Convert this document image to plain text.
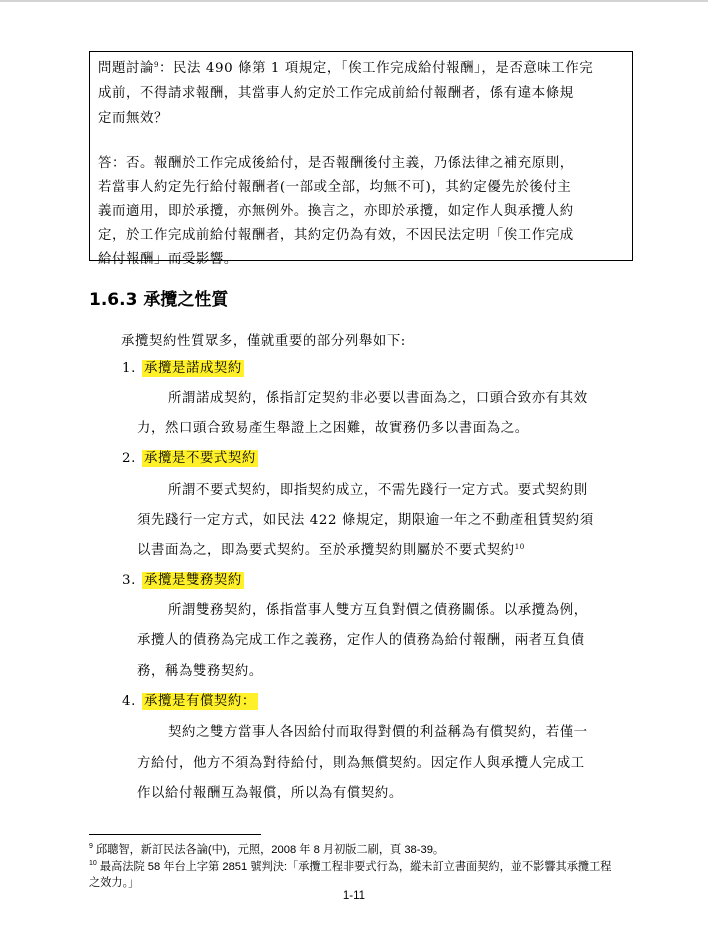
問題討論$^9$：民法 490 條第 1 項規定，「俟工作完成給付報酬」，是否意味工作完
成前，不得請求報酬，其當事人約定於工作完成前給付報酬者，係有違本條規
定而無效？
答：否。報酬於工作完成後給付，是否報酬後付主義，乃係法律之補充原則，
若當事人約定先行給付報酬者(一部或全部，均無不可)，其約定優先於後付主
義而適用，即於承攬，亦無例外。換言之，亦即於承攬，如定作人與承攬人約
定，於工作完成前給付報酬者，其約定仍為有效，不因民法定明「俟工作完成
給付報酬」而受影響。
1.6.3 承攬之性質
承攬契約性質眾多，僅就重要的部分列舉如下:
1. 承攬是諾成契約
所謂諾成契約，係指訂定契約非必要以書面為之，口頭合致亦有其效
力，然口頭合致易產生舉證上之困難，故實務仍多以書面為之。
2. 承攬是不要式契約
所謂不要式契約，即指契約成立，不需先踐行一定方式。要式契約則
須先踐行一定方式，如民法 422 條規定，期限逾一年之不動產租賃契約須
以書面為之，即為要式契約。至於承攬契約則屬於不要式契約$^{10}$
3. 承攬是雙務契約
所謂雙務契約，係指當事人雙方互負對價之債務關係。以承攬為例，
承攬人的債務為完成工作之義務，定作人的債務為給付報酬，兩者互負債
務，稱為雙務契約。
4. 承攬是有償契約：
契約之雙方當事人各因給付而取得對價的利益稱為有償契約，若僅一
方給付，他方不須為對待給付，則為無償契約。因定作人與承攬人完成工
作以給付報酬互為報償，所以為有償契約。
$^9$ 邱聰智，新訂民法各論(中)，元照，2008 年 8 月初版二刷，頁 38-39。
$^{10}$ 最高法院 58 年台上字第 2851 號判決:「承攬工程非要式行為，縱未訂立書面契約，並不影響其承攬工程
之效力。」
1-11
